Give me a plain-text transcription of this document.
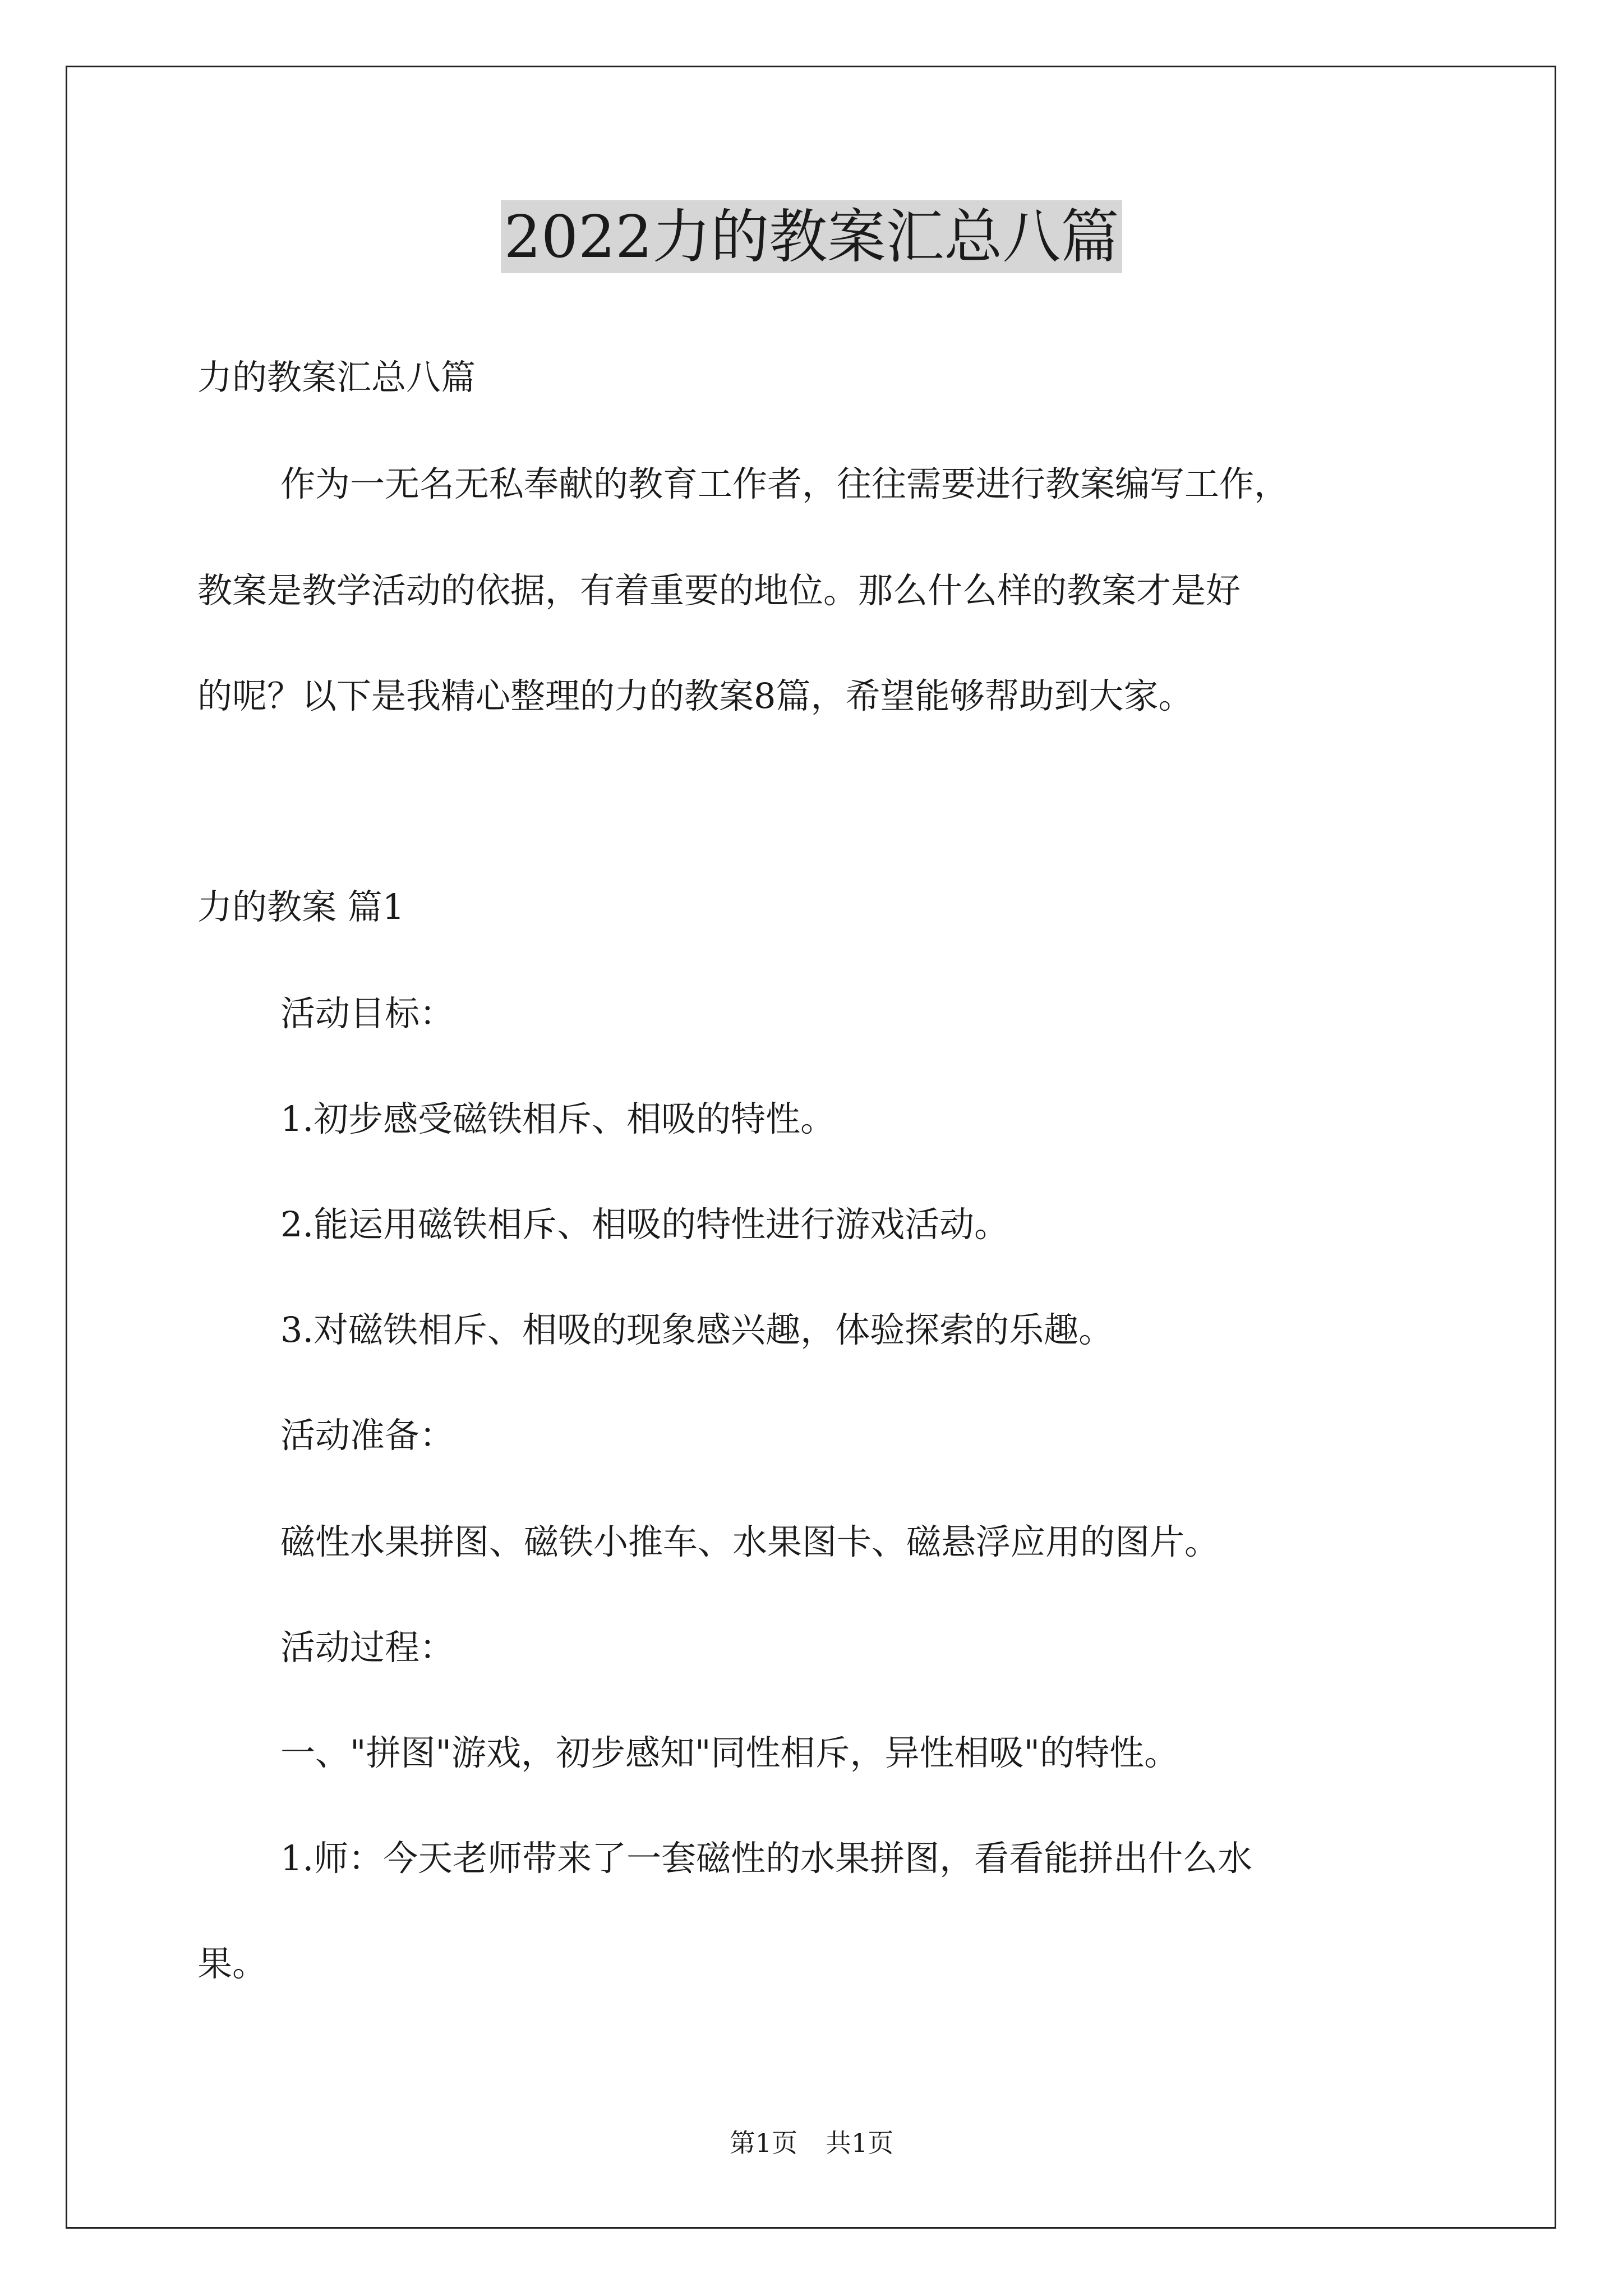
2022力的教案汇总八篇

力的教案汇总八篇

作为一无名无私奉献的教育工作者，往往需要进行教案编写工作，

教案是教学活动的依据，有着重要的地位。那么什么样的教案才是好

的呢？以下是我精心整理的力的教案8篇，希望能够帮助到大家。

力的教案 篇1

活动目标：

1.初步感受磁铁相斥、相吸的特性。

2.能运用磁铁相斥、相吸的特性进行游戏活动。

3.对磁铁相斥、相吸的现象感兴趣，体验探索的乐趣。

活动准备：

磁性水果拼图、磁铁小推车、水果图卡、磁悬浮应用的图片。

活动过程：

一、"拼图"游戏，初步感知"同性相斥，异性相吸"的特性。

1.师：今天老师带来了一套磁性的水果拼图，看看能拼出什么水

果。

第1页 共1页
